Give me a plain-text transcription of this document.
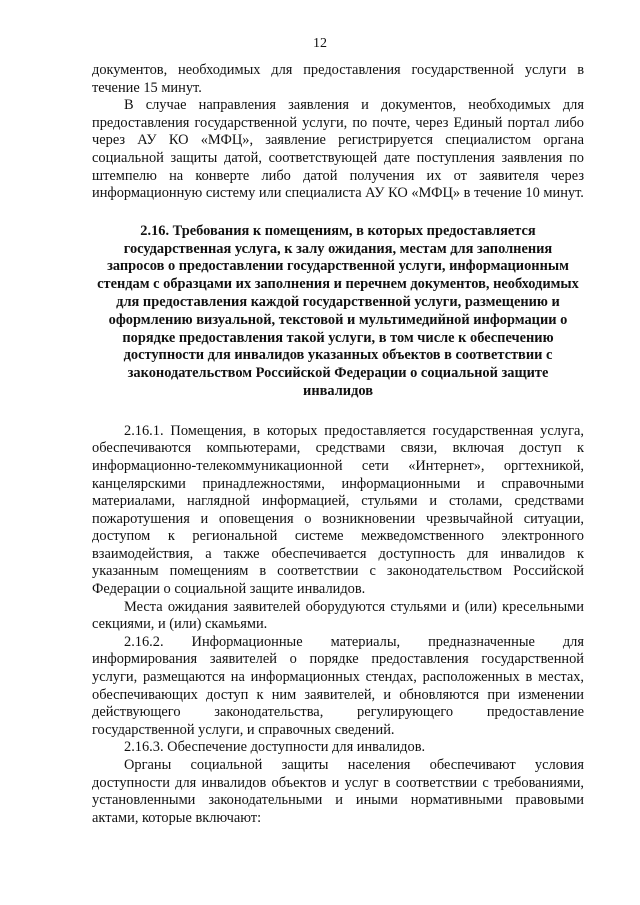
12

документов, необходимых для предоставления государственной услуги в течение 15 минут.

В случае направления заявления и документов, необходимых для предоставления государственной услуги, по почте, через Единый портал либо через АУ КО «МФЦ», заявление регистрируется специалистом органа социальной защиты датой, соответствующей дате поступления заявления по штемпелю на конверте либо датой получения их от заявителя через информационную систему или специалиста АУ КО «МФЦ» в течение 10 минут.

2.16. Требования к помещениям, в которых предоставляется государственная услуга, к залу ожидания, местам для заполнения запросов о предоставлении государственной услуги, информационным стендам с образцами их заполнения и перечнем документов, необходимых для предоставления каждой государственной услуги, размещению и оформлению визуальной, текстовой и мультимедийной информации о порядке предоставления такой услуги, в том числе к обеспечению доступности для инвалидов указанных объектов в соответствии с законодательством Российской Федерации о социальной защите инвалидов

2.16.1. Помещения, в которых предоставляется государственная услуга, обеспечиваются компьютерами, средствами связи, включая доступ к информационно-телекоммуникационной сети «Интернет», оргтехникой, канцелярскими принадлежностями, информационными и справочными материалами, наглядной информацией, стульями и столами, средствами пожаротушения и оповещения о возникновении чрезвычайной ситуации, доступом к региональной системе межведомственного электронного взаимодействия, а также обеспечивается доступность для инвалидов к указанным помещениям в соответствии с законодательством Российской Федерации о социальной защите инвалидов.

Места ожидания заявителей оборудуются стульями и (или) кресельными секциями, и (или) скамьями.

2.16.2. Информационные материалы, предназначенные для информирования заявителей о порядке предоставления государственной услуги, размещаются на информационных стендах, расположенных в местах, обеспечивающих доступ к ним заявителей, и обновляются при изменении действующего законодательства, регулирующего предоставление государственной услуги, и справочных сведений.

2.16.3. Обеспечение доступности для инвалидов.

Органы социальной защиты населения обеспечивают условия доступности для инвалидов объектов и услуг в соответствии с требованиями, установленными законодательными и иными нормативными правовыми актами, которые включают:
